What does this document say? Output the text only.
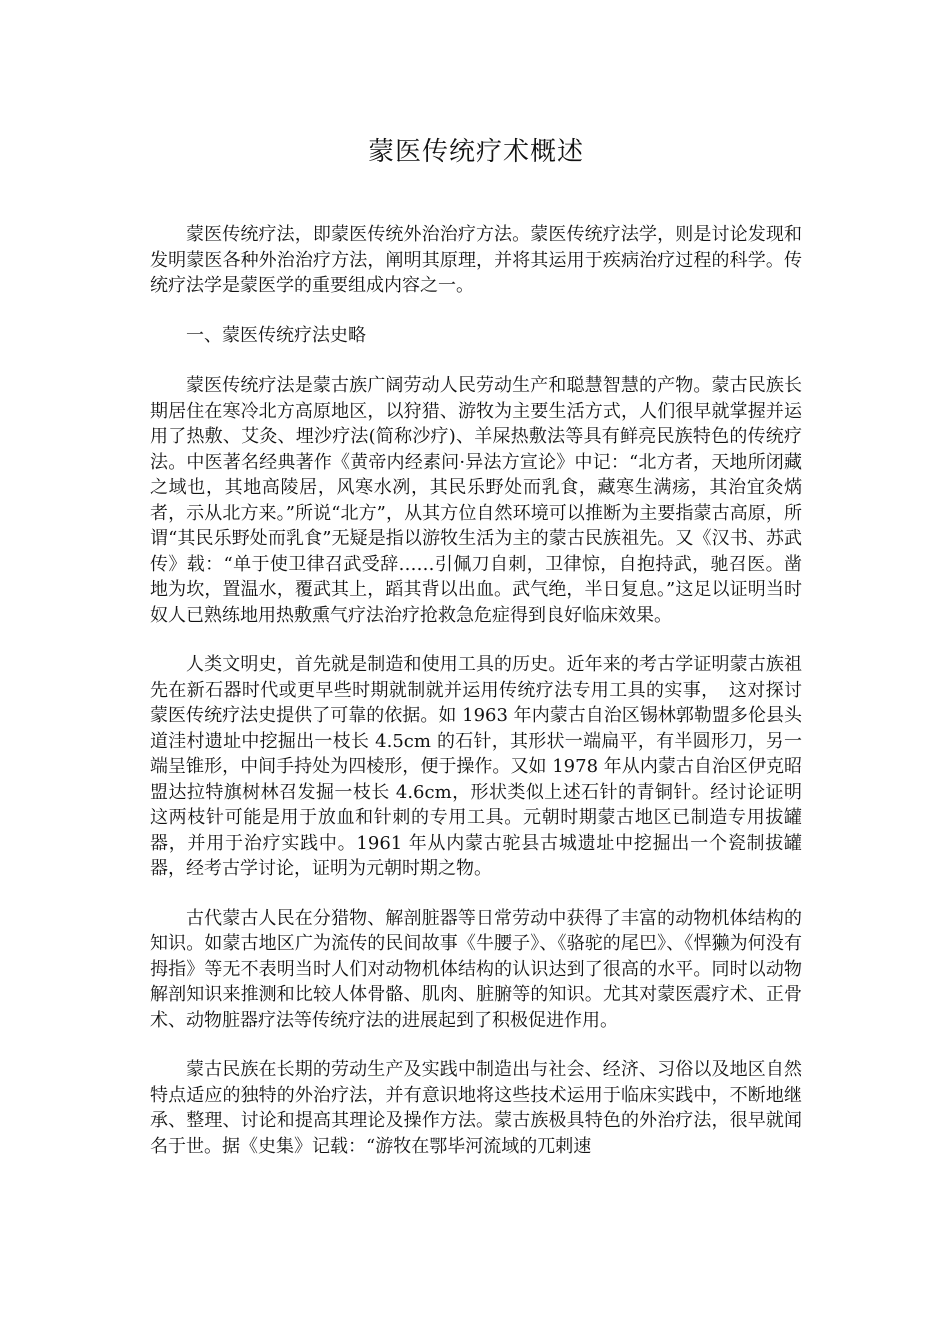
蒙医传统疗术概述

蒙医传统疗法，即蒙医传统外治治疗方法。蒙医传统疗法学，则是讨论发现和发明蒙医各种外治治疗方法，阐明其原理，并将其运用于疾病治疗过程的科学。传统疗法学是蒙医学的重要组成内容之一。

一、蒙医传统疗法史略

蒙医传统疗法是蒙古族广阔劳动人民劳动生产和聪慧智慧的产物。蒙古民族长期居住在寒冷北方高原地区，以狩猎、游牧为主要生活方式，人们很早就掌握并运用了热敷、艾灸、埋沙疗法(简称沙疗)、羊屎热敷法等具有鲜亮民族特色的传统疗法。中医著名经典著作《黄帝内经素问·异法方宣论》中记：“北方者，天地所闭藏之域也，其地高陵居，风寒水冽，其民乐野处而乳食，藏寒生满疡，其治宜灸焫者，示从北方来。”所说“北方”，从其方位自然环境可以推断为主要指蒙古高原，所谓“其民乐野处而乳食”无疑是指以游牧生活为主的蒙古民族祖先。又《汉书、苏武传》载：“单于使卫律召武受辞……引佩刀自刺，卫律惊，自抱持武，驰召医。凿地为坎，置温水，覆武其上，蹈其背以出血。武气绝，半日复息。”这足以证明当时奴人已熟练地用热敷熏气疗法治疗抢救急危症得到良好临床效果。

人类文明史，首先就是制造和使用工具的历史。近年来的考古学证明蒙古族祖先在新石器时代或更早些时期就制就并运用传统疗法专用工具的实事，　这对探讨蒙医传统疗法史提供了可靠的依据。如 1963 年内蒙古自治区锡林郭勒盟多伦县头道洼村遗址中挖掘出一枝长 4.5cm 的石针，其形状一端扁平，有半圆形刀，另一端呈锥形，中间手持处为四棱形，便于操作。又如 1978 年从内蒙古自治区伊克昭盟达拉特旗树林召发掘一枝长 4.6cm，形状类似上述石针的青铜针。经讨论证明这两枝针可能是用于放血和针刺的专用工具。元朝时期蒙古地区已制造专用拔罐器，并用于治疗实践中。1961 年从内蒙古驼县古城遗址中挖掘出一个瓷制拔罐器，经考古学讨论，证明为元朝时期之物。

古代蒙古人民在分猎物、解剖脏器等日常劳动中获得了丰富的动物机体结构的知识。如蒙古地区广为流传的民间故事《牛腰子》、《骆驼的尾巴》、《悍獭为何没有拇指》等无不表明当时人们对动物机体结构的认识达到了很高的水平。同时以动物解剖知识来推测和比较人体骨骼、肌肉、脏腑等的知识。尤其对蒙医震疗术、正骨术、动物脏器疗法等传统疗法的进展起到了积极促进作用。

蒙古民族在长期的劳动生产及实践中制造出与社会、经济、习俗以及地区自然特点适应的独特的外治疗法，并有意识地将这些技术运用于临床实践中，不断地继承、整理、讨论和提高其理论及操作方法。蒙古族极具特色的外治疗法，很早就闻名于世。据《史集》记载：“游牧在鄂毕河流域的兀剌速
